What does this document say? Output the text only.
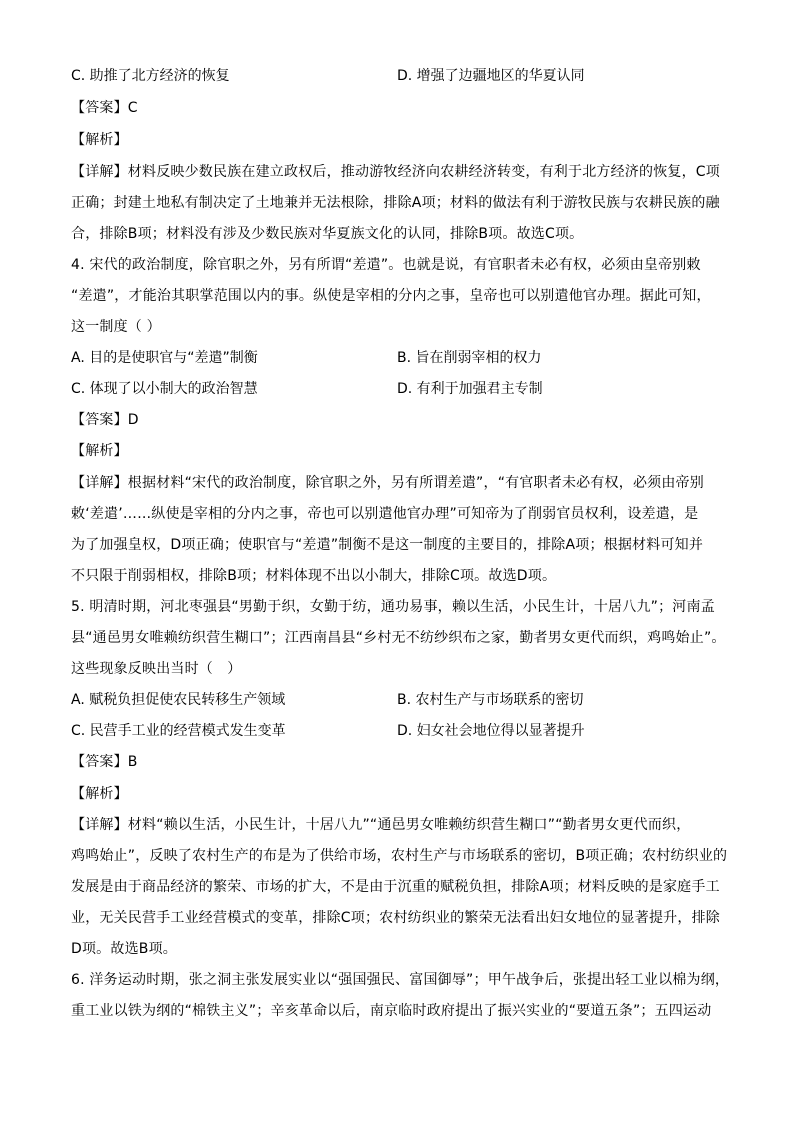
C. 助推了北方经济的恢复	D. 增强了边疆地区的华夏认同
【答案】C
【解析】
【详解】材料反映少数民族在建立政权后，推动游牧经济向农耕经济转变，有利于北方经济的恢复，C项
正确；封建土地私有制决定了土地兼并无法根除，排除A项；材料的做法有利于游牧民族与农耕民族的融
合，排除B项；材料没有涉及少数民族对华夏族文化的认同，排除B项。故选C项。
4. 宋代的政治制度，除官职之外，另有所谓“差遣”。也就是说，有官职者未必有权，必须由皇帝别敕
“差遣”，才能治其职掌范围以内的事。纵使是宰相的分内之事，皇帝也可以别遣他官办理。据此可知，
这一制度（ ）
A. 目的是使职官与“差遣”制衡	B. 旨在削弱宰相的权力
C. 体现了以小制大的政治智慧	D. 有利于加强君主专制
【答案】D
【解析】
【详解】根据材料“宋代的政治制度，除官职之外，另有所谓差遣”，“有官职者未必有权，必须由帝别
敕‘差遣’……纵使是宰相的分内之事，帝也可以别遣他官办理”可知帝为了削弱官员权利，设差遣，是
为了加强皇权，D项正确；使职官与“差遣”制衡不是这一制度的主要目的，排除A项；根据材料可知并
不只限于削弱相权，排除B项；材料体现不出以小制大，排除C项。故选D项。
5. 明清时期，河北枣强县“男勤于织，女勤于纺，通功易事，赖以生活，小民生计，十居八九”；河南孟
县“通邑男女唯赖纺织营生糊口”；江西南昌县“乡村无不纺纱织布之家，勤者男女更代而织，鸡鸣始止”。
这些现象反映出当时（　）
A. 赋税负担促使农民转移生产领域	B. 农村生产与市场联系的密切
C. 民营手工业的经营模式发生变革	D. 妇女社会地位得以显著提升
【答案】B
【解析】
【详解】材料“赖以生活，小民生计，十居八九”“通邑男女唯赖纺织营生糊口”“勤者男女更代而织，
鸡鸣始止”，反映了农村生产的布是为了供给市场，农村生产与市场联系的密切，B项正确；农村纺织业的
发展是由于商品经济的繁荣、市场的扩大，不是由于沉重的赋税负担，排除A项；材料反映的是家庭手工
业，无关民营手工业经营模式的变革，排除C项；农村纺织业的繁荣无法看出妇女地位的显著提升，排除
D项。故选B项。
6. 洋务运动时期，张之洞主张发展实业以“强国强民、富国御辱”；甲午战争后，张提出轻工业以棉为纲，
重工业以铁为纲的“棉铁主义”；辛亥革命以后，南京临时政府提出了振兴实业的“要道五条”；五四运动
